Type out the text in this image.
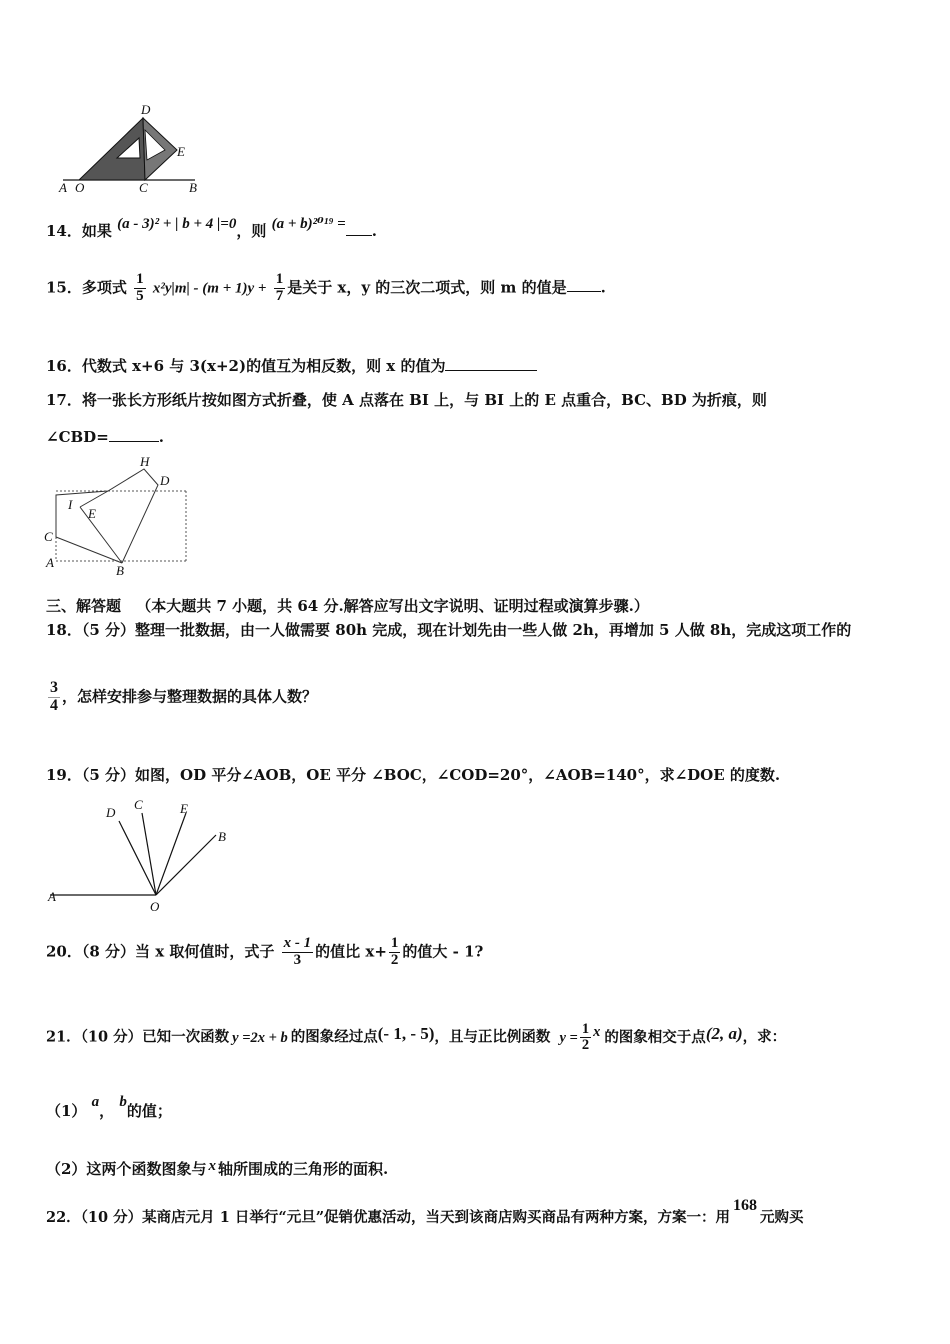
D
E
A O	C	B
14．如果 (a - 3)² + | b + 4 |=0，则 (a + b)²⁰¹⁹ = .
15．多项式 $\frac{1}{5} x^2y|m| - (m + 1)y + \frac{1}{7}$ 是关于 x，y 的三次二项式，则 m 的值是 .
16．代数式 x+6 与 3(x+2)的值互为相反数，则 x 的值为
17．将一张长方形纸片按如图方式折叠，使 A 点落在 BI 上，与 BI 上的 E 点重合，BC、BD 为折痕，则
∠CBD=	.
H
D
I
E
C
A
B
三、解答题 （本大题共 7 小题，共 64 分.解答应写出文字说明、证明过程或演算步骤.）
18．（5 分）整理一批数据，由一人做需要 80h 完成，现在计划先由一些人做 2h，再增加 5 人做 8h，完成这项工作的
$\frac{3}{4}$ ，怎样安排参与整理数据的具体人数？
19．（5 分）如图，OD 平分∠AOB，OE 平分 ∠BOC，∠COD=20°，∠AOB=140°，求∠DOE 的度数.
D
C	E
B
A
O
20．（8 分）当 x 取何值时，式子 $\frac{x - 1}{3}$ 的值比 $x+ \frac{1}{2}$ 的值大 - 1?
21．（10 分）已知一次函数 y =2x + b 的图象经过点(- 1, - 5)，且与正比例函数 $y = \frac{1}{2}$ x 的图象相交于点(2, a)，求：
（1） a， b的值；
（2）这两个函数图象与 x 轴所围成的三角形的面积.
22．（10 分）某商店元月 1 日举行“元旦”促销优惠活动，当天到该商店购买商品有两种方案，方案一：用168元购买
